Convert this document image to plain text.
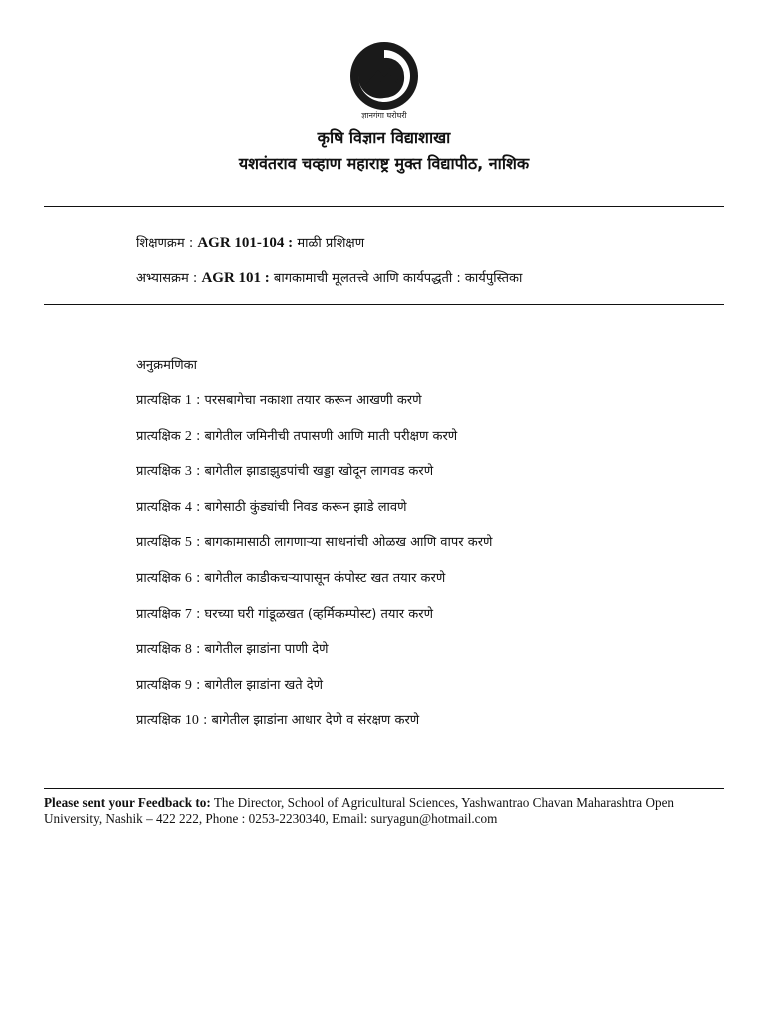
ज्ञानगंगा घरोघरी
कृषि विज्ञान विद्याशाखा
यशवंतराव चव्हाण महाराष्ट्र मुक्त विद्यापीठ, नाशिक
शिक्षणक्रम : AGR 101-104 : माळी प्रशिक्षण
अभ्यासक्रम : AGR 101 : बागकामाची मूलतत्त्वे आणि कार्यपद्धती : कार्यपुस्तिका
अनुक्रमणिका
प्रात्यक्षिक 1 : परसबागेचा नकाशा तयार करून आखणी करणे
प्रात्यक्षिक 2 : बागेतील जमिनीची तपासणी आणि माती परीक्षण करणे
प्रात्यक्षिक 3 : बागेतील झाडाझुडपांची खड्डा खोदून लागवड करणे
प्रात्यक्षिक 4 : बागेसाठी कुंड्यांची निवड करून झाडे लावणे
प्रात्यक्षिक 5 : बागकामासाठी लागणाऱ्या साधनांची ओळख आणि वापर करणे
प्रात्यक्षिक 6 : बागेतील काडीकचऱ्यापासून कंपोस्ट खत तयार करणे
प्रात्यक्षिक 7 : घरच्या घरी गांडूळखत (व्हर्मिकम्पोस्ट) तयार करणे
प्रात्यक्षिक 8 : बागेतील झाडांना पाणी देणे
प्रात्यक्षिक 9 : बागेतील झाडांना खते देणे
प्रात्यक्षिक 10 : बागेतील झाडांना आधार देणे व संरक्षण करणे
Please sent your Feedback to: The Director, School of Agricultural Sciences, Yashwantrao Chavan Maharashtra Open University, Nashik – 422 222, Phone : 0253-2230340, Email: suryagun@hotmail.com
